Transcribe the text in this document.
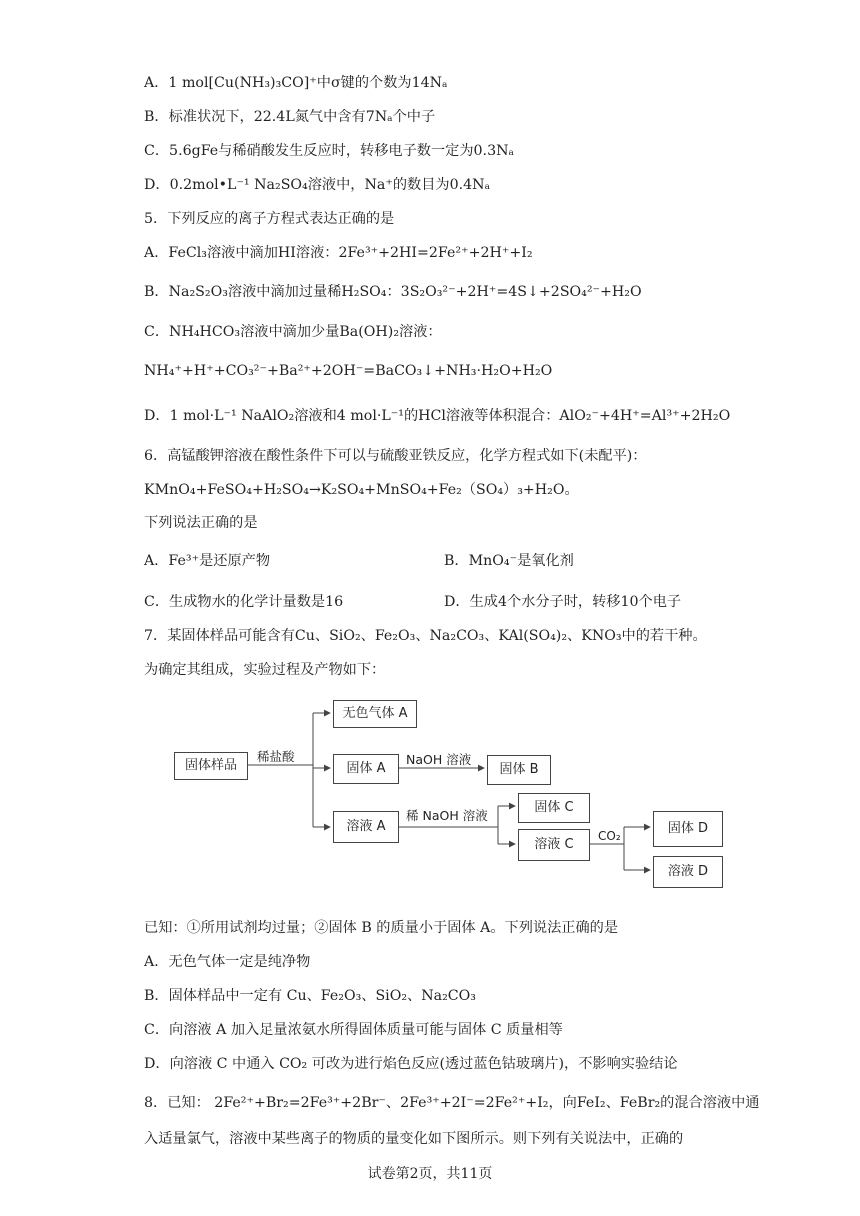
A．1 mol[Cu(NH₃)₃CO]⁺中σ键的个数为14Nₐ
B．标准状况下，22.4L氮气中含有7Nₐ个中子
C．5.6gFe与稀硝酸发生反应时，转移电子数一定为0.3Nₐ
D．0.2mol•L⁻¹ Na₂SO₄溶液中，Na⁺的数目为0.4Nₐ
5．下列反应的离子方程式表达正确的是
A．FeCl₃溶液中滴加HI溶液：2Fe³⁺+2HI=2Fe²⁺+2H⁺+I₂
B．Na₂S₂O₃溶液中滴加过量稀H₂SO₄：3S₂O₃²⁻+2H⁺=4S↓+2SO₄²⁻+H₂O
C．NH₄HCO₃溶液中滴加少量Ba(OH)₂溶液：
NH₄⁺+H⁺+CO₃²⁻+Ba²⁺+2OH⁻=BaCO₃↓+NH₃·H₂O+H₂O
D．1 mol·L⁻¹ NaAlO₂溶液和4 mol·L⁻¹的HCl溶液等体积混合：AlO₂⁻+4H⁺=Al³⁺+2H₂O
6．高锰酸钾溶液在酸性条件下可以与硫酸亚铁反应，化学方程式如下(未配平)：
KMnO₄+FeSO₄+H₂SO₄→K₂SO₄+MnSO₄+Fe₂（SO₄）₃+H₂O。
下列说法正确的是
A．Fe³⁺是还原产物	B．MnO₄⁻是氧化剂
C．生成物水的化学计量数是16	D．生成4个水分子时，转移10个电子
7．某固体样品可能含有Cu、SiO₂、Fe₂O₃、Na₂CO₃、KAl(SO₄)₂、KNO₃中的若干种。
为确定其组成，实验过程及产物如下：
固体样品
稀盐酸
无色气体 A
固体 A
NaOH 溶液
固体 B
溶液 A
稀 NaOH 溶液
固体 C
溶液 C
CO₂	固体 D
溶液 D
已知：①所用试剂均过量；②固体 B 的质量小于固体 A。下列说法正确的是
A．无色气体一定是纯净物
B．固体样品中一定有 Cu、Fe₂O₃、SiO₂、Na₂CO₃
C．向溶液 A 加入足量浓氨水所得固体质量可能与固体 C 质量相等
D．向溶液 C 中通入 CO₂ 可改为进行焰色反应(透过蓝色钴玻璃片)，不影响实验结论
8．已知： 2Fe²⁺+Br₂=2Fe³⁺+2Br⁻、2Fe³⁺+2I⁻=2Fe²⁺+I₂，向FeI₂、FeBr₂的混合溶液中通
入适量氯气，溶液中某些离子的物质的量变化如下图所示。则下列有关说法中，正确的
试卷第2页，共11页
